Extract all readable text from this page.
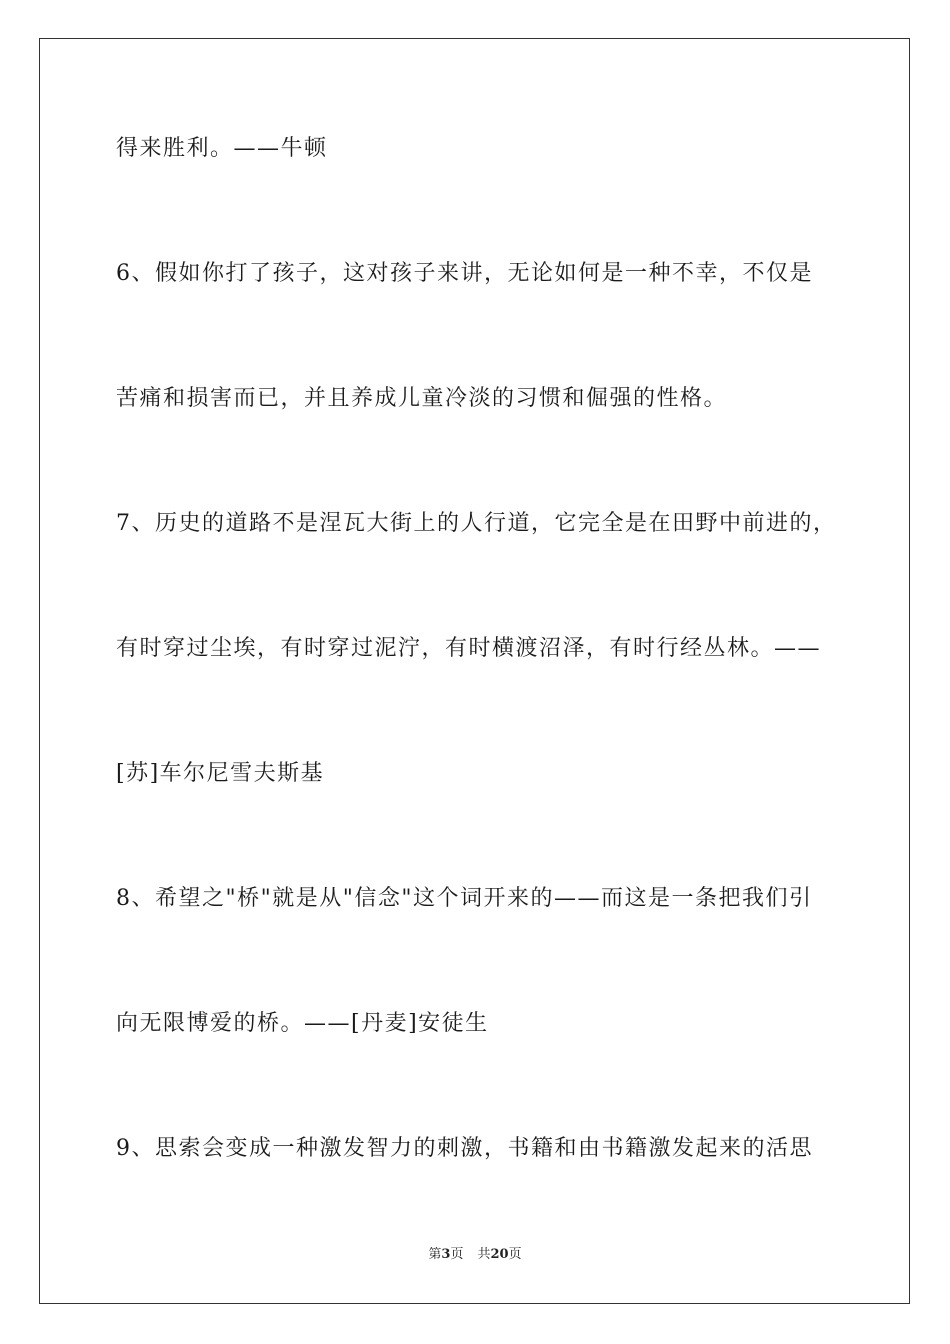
得来胜利。——牛顿
6、假如你打了孩子，这对孩子来讲，无论如何是一种不幸，不仅是
苦痛和损害而已，并且养成儿童冷淡的习惯和倔强的性格。
7、历史的道路不是涅瓦大街上的人行道，它完全是在田野中前进的，
有时穿过尘埃，有时穿过泥泞，有时横渡沼泽，有时行经丛林。——
[苏]车尔尼雪夫斯基
8、希望之"桥"就是从"信念"这个词开来的——而这是一条把我们引
向无限博爱的桥。——[丹麦]安徒生
9、思索会变成一种激发智力的刺激，书籍和由书籍激发起来的活思
第3页 共20页
